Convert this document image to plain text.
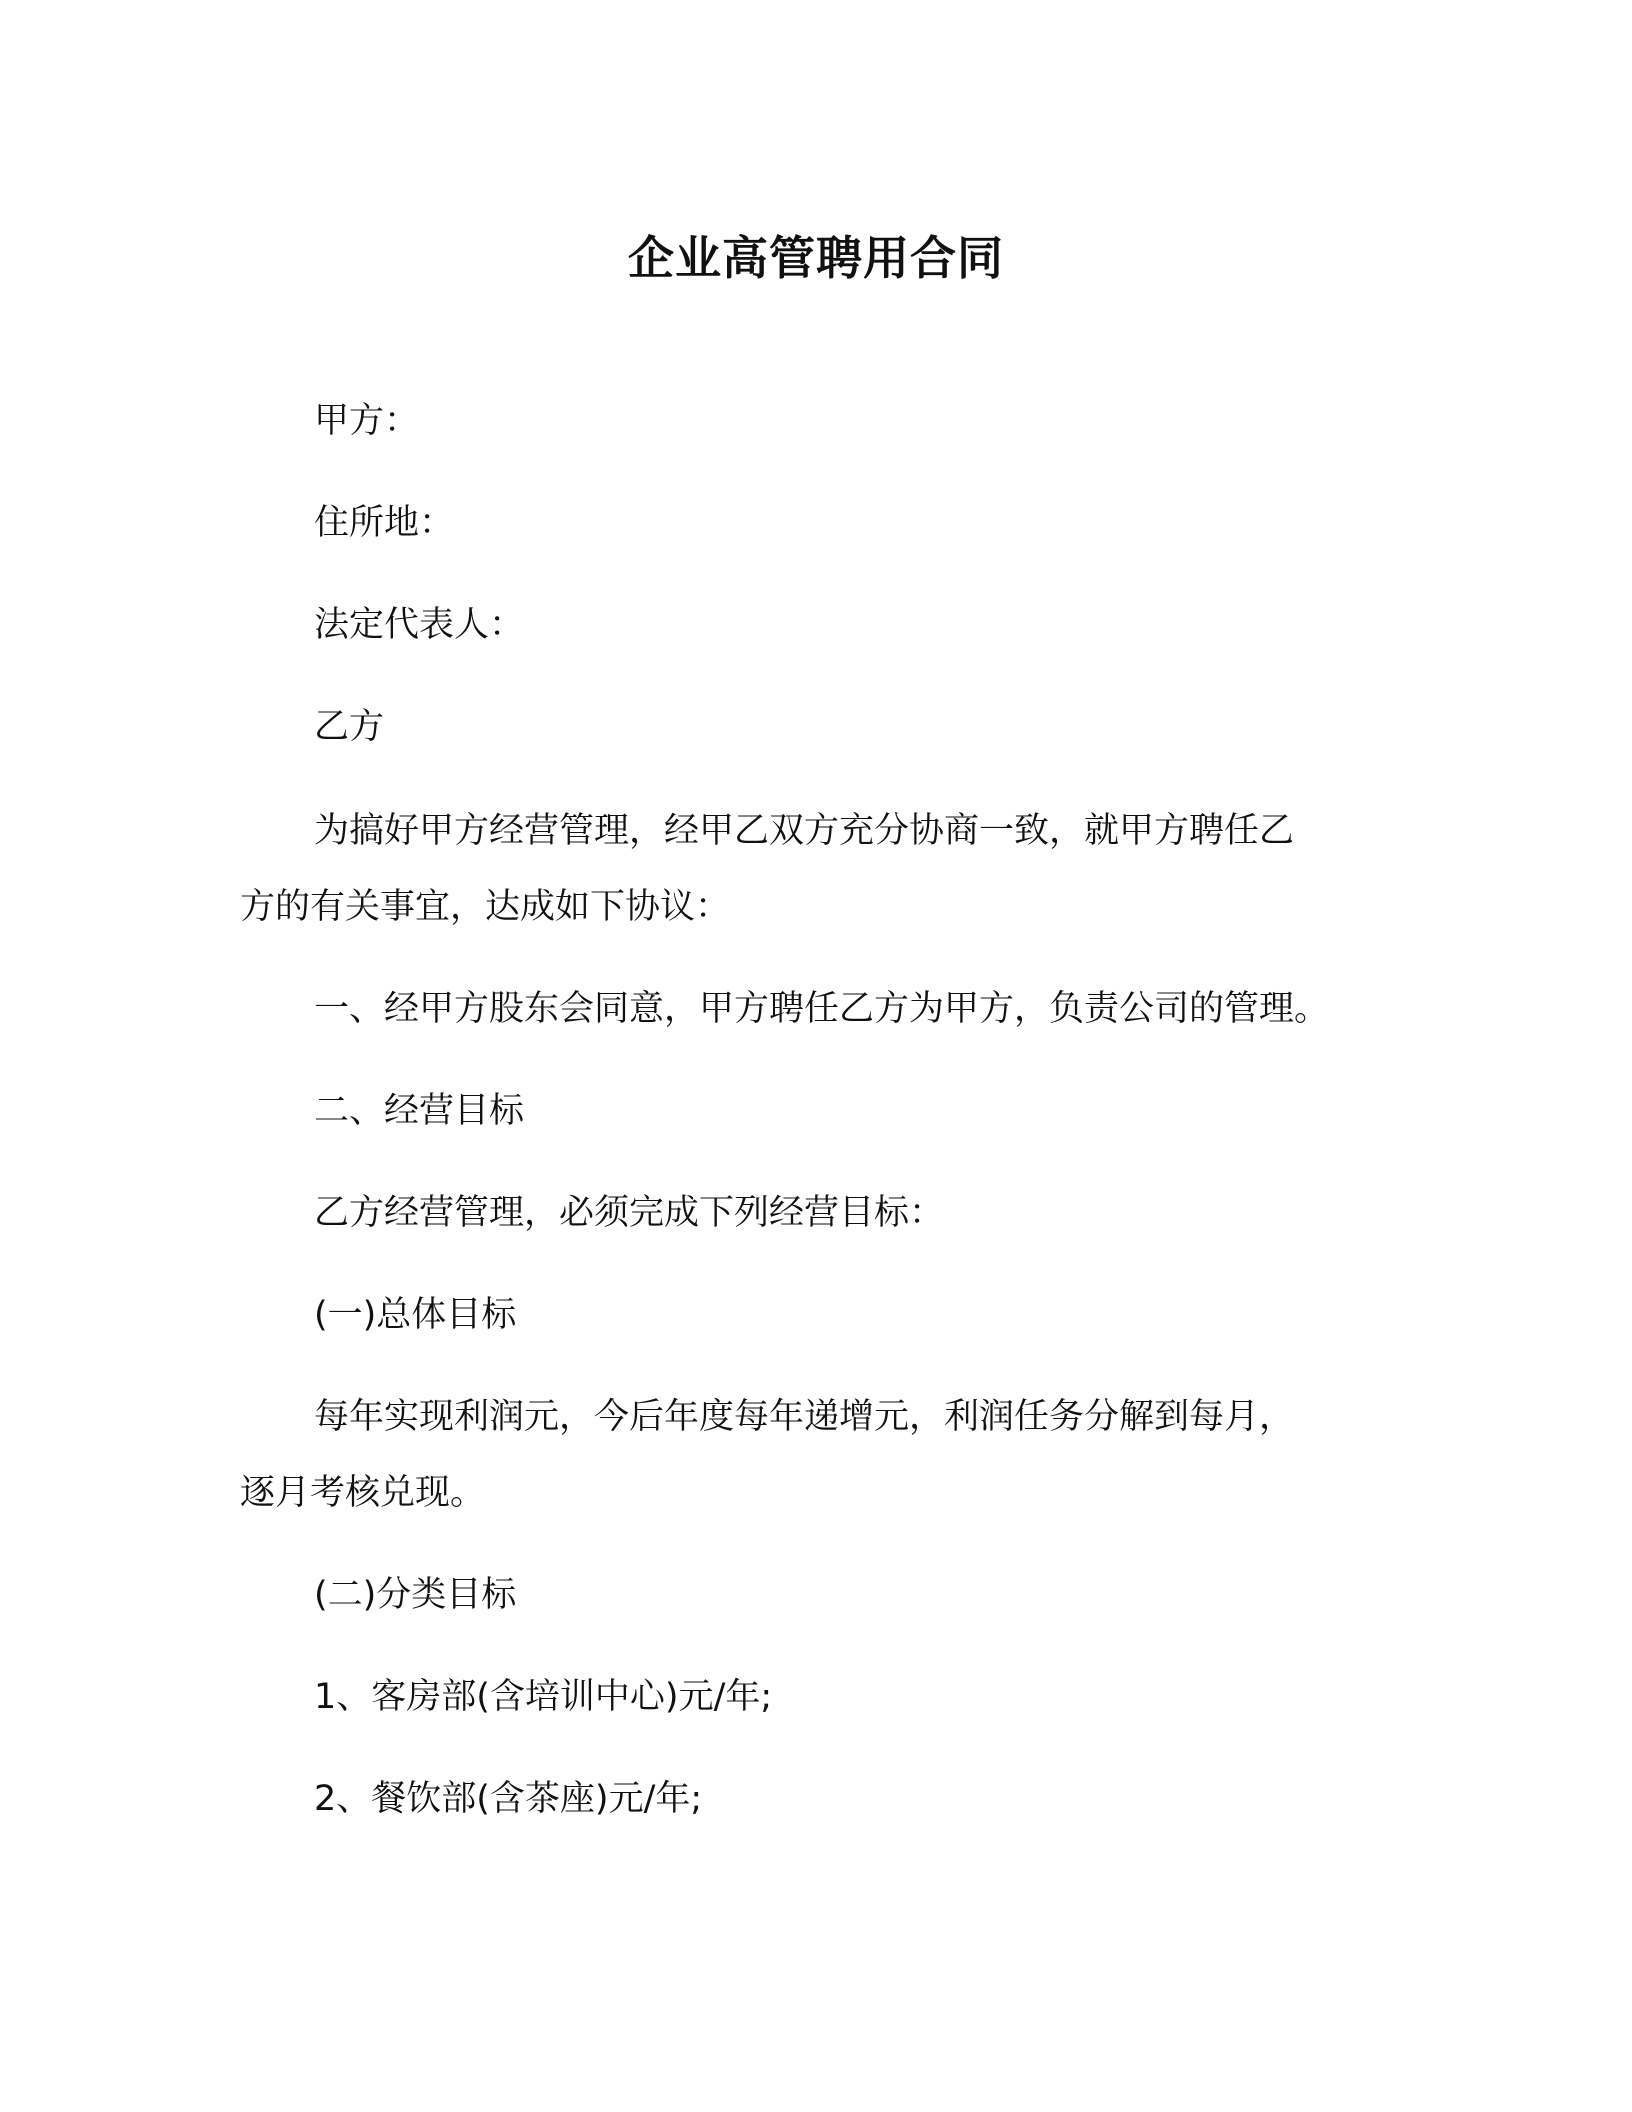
企业高管聘用合同
甲方：
住所地：
法定代表人：
乙方
为搞好甲方经营管理，经甲乙双方充分协商一致，就甲方聘任乙
方的有关事宜，达成如下协议：
一、经甲方股东会同意，甲方聘任乙方为甲方，负责公司的管理。
二、经营目标
乙方经营管理，必须完成下列经营目标：
(一)总体目标
每年实现利润元，今后年度每年递增元，利润任务分解到每月，
逐月考核兑现。
(二)分类目标
1、客房部(含培训中心)元/年;
2、餐饮部(含茶座)元/年;
